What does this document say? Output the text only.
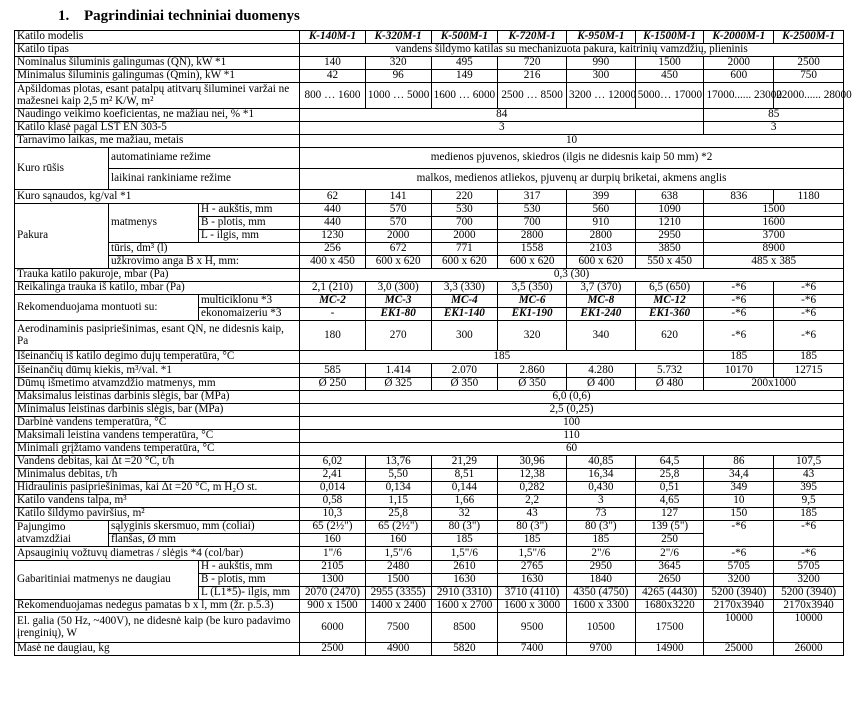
1. Pagrindiniai techniniai duomenys
Katilo modelis			K-140M-1	K-320M-1	K-500M-1	K-720M-1	K-950M-1	K-1500M-1	K-2000M-1	K-2500M-1
Katilo tipas			vandens šildymo katilas su mechanizuota pakura, kaitrinių vamzdžių, plieninis							
Nominalus šiluminis galingumas (QN), kW *1			140	320	495	720	990	1500	2000	2500
Minimalus šiluminis galingumas (Qmin), kW *1			42	96	149	216	300	450	600	750
Apšildomas plotas, esant patalpų atitvarų šiluminei varžai ne mažesnei kaip 2,5 m² K/W, m²			800 … 1600	1000 … 5000	1600 … 6000	2500 … 8500	3200 … 12000	5000… 17000	17000...... 23000	22000...... 28000
Naudingo veikimo koeficientas, ne mažiau nei, % *1			84						85	
Katilo klasė pagal LST EN 303-5			3						3	
Tarnavimo laikas, me mažiau, metais			10							
Kuro rūšis	automatiniame režime		medienos pjuvenos, skiedros (ilgis ne didesnis kaip 50 mm) *2							
	laikinai rankiniame režime		malkos, medienos atliekos, pjuvenų ar durpių briketai, akmens anglis							
Kuro sąnaudos, kg/val *1			62	141	220	317	399	638	836	1180
Pakura	matmenys	H - aukštis, mm	440	570	530	530	560	1090	1500	
		B - plotis, mm	440	570	700	700	910	1210	1600	
		L - ilgis, mm	1230	2000	2000	2800	2800	2950	3700	
	tūris, dm³ (l)		256	672	771	1558	2103	3850	8900	
	užkrovimo anga B x H, mm:		400 x 450	600 x 620	600 x 620	600 x 620	600 x 620	550 x 450	485 x 385	
Trauka katilo pakuroje, mbar (Pa)			0,3 (30)							
Reikalinga trauka iš katilo, mbar (Pa)			2,1 (210)	3,0 (300)	3,3 (330)	3,5 (350)	3,7 (370)	6,5 (650)	-*6	-*6
Rekomenduojama montuoti su:		multiciklonu *3	MC-2	MC-3	MC-4	MC-6	MC-8	MC-12	-*6	-*6
		ekonomaizeriu *3	-	EK1-80	EK1-140	EK1-190	EK1-240	EK1-360	-*6	-*6
Aerodinaminis pasipriešinimas, esant QN, ne didesnis kaip, Pa			180	270	300	320	340	620	-*6	-*6
Išeinančių iš katilo degimo dujų temperatūra, °C			185						185	185
Išeinančių dūmų kiekis, m³/val. *1			585	1.414	2.070	2.860	4.280	5.732	10170	12715
Dūmų išmetimo atvamzdžio matmenys, mm			Ø 250	Ø 325	Ø 350	Ø 350	Ø 400	Ø 480	200x1000	
Maksimalus leistinas darbinis slėgis, bar (MPa)			6,0 (0,6)							
Minimalus leistinas darbinis slėgis, bar (MPa)			2,5 (0,25)							
Darbinė vandens temperatūra, °C			100							
Maksimali leistina vandens temperatūra, °C			110							
Minimali grįžtamo vandens temperatūra, °C			60							
Vandens debitas, kai Δt =20 °C, t/h			6,02	13,76	21,29	30,96	40,85	64,5	86	107,5
Minimalus debitas, t/h			2,41	5,50	8,51	12,38	16,34	25,8	34,4	43
Hidraulinis pasipriešinimas, kai Δt =20 °C, m H₂O st.			0,014	0,134	0,144	0,282	0,430	0,51	349	395
Katilo vandens talpa, m³			0,58	1,15	1,66	2,2	3	4,65	10	9,5
Katilo šildymo paviršius, m²			10,3	25,8	32	43	73	127	150	185
Pajungimo atvamzdžiai	sąlyginis skersmuo, mm (coliai)		65 (2½")	65 (2½")	80 (3")	80 (3")	80 (3")	139 (5")	-*6	-*6
	flanšas, Ø mm		160	160	185	185	185	250		
Apsauginių vožtuvų diametras / slėgis *4 (col/bar)			1"/6	1,5"/6	1,5"/6	1,5"/6	2"/6	2"/6	-*6	-*6
Gabaritiniai matmenys ne daugiau		H - aukštis, mm	2105	2480	2610	2765	2950	3645	5705	5705
		B - plotis, mm	1300	1500	1630	1630	1840	2650	3200	3200
		L (L1*5)- ilgis, mm	2070 (2470)	2955 (3355)	2910 (3310)	3710 (4110)	4350 (4750)	4265 (4430)	5200 (3940)	5200 (3940)
Rekomenduojamas nedegus pamatas b x l, mm (žr. p.5.3)			900 x 1500	1400 x 2400	1600 x 2700	1600 x 3000	1600 x 3300	1680x3220	2170x3940	2170x3940
El. galia (50 Hz, ~400V), ne didesnė kaip (be kuro padavimo įrenginių), W			6000	7500	8500	9500	10500	17500	10000	10000
Masė ne daugiau, kg			2500	4900	5820	7400	9700	14900	25000	26000
